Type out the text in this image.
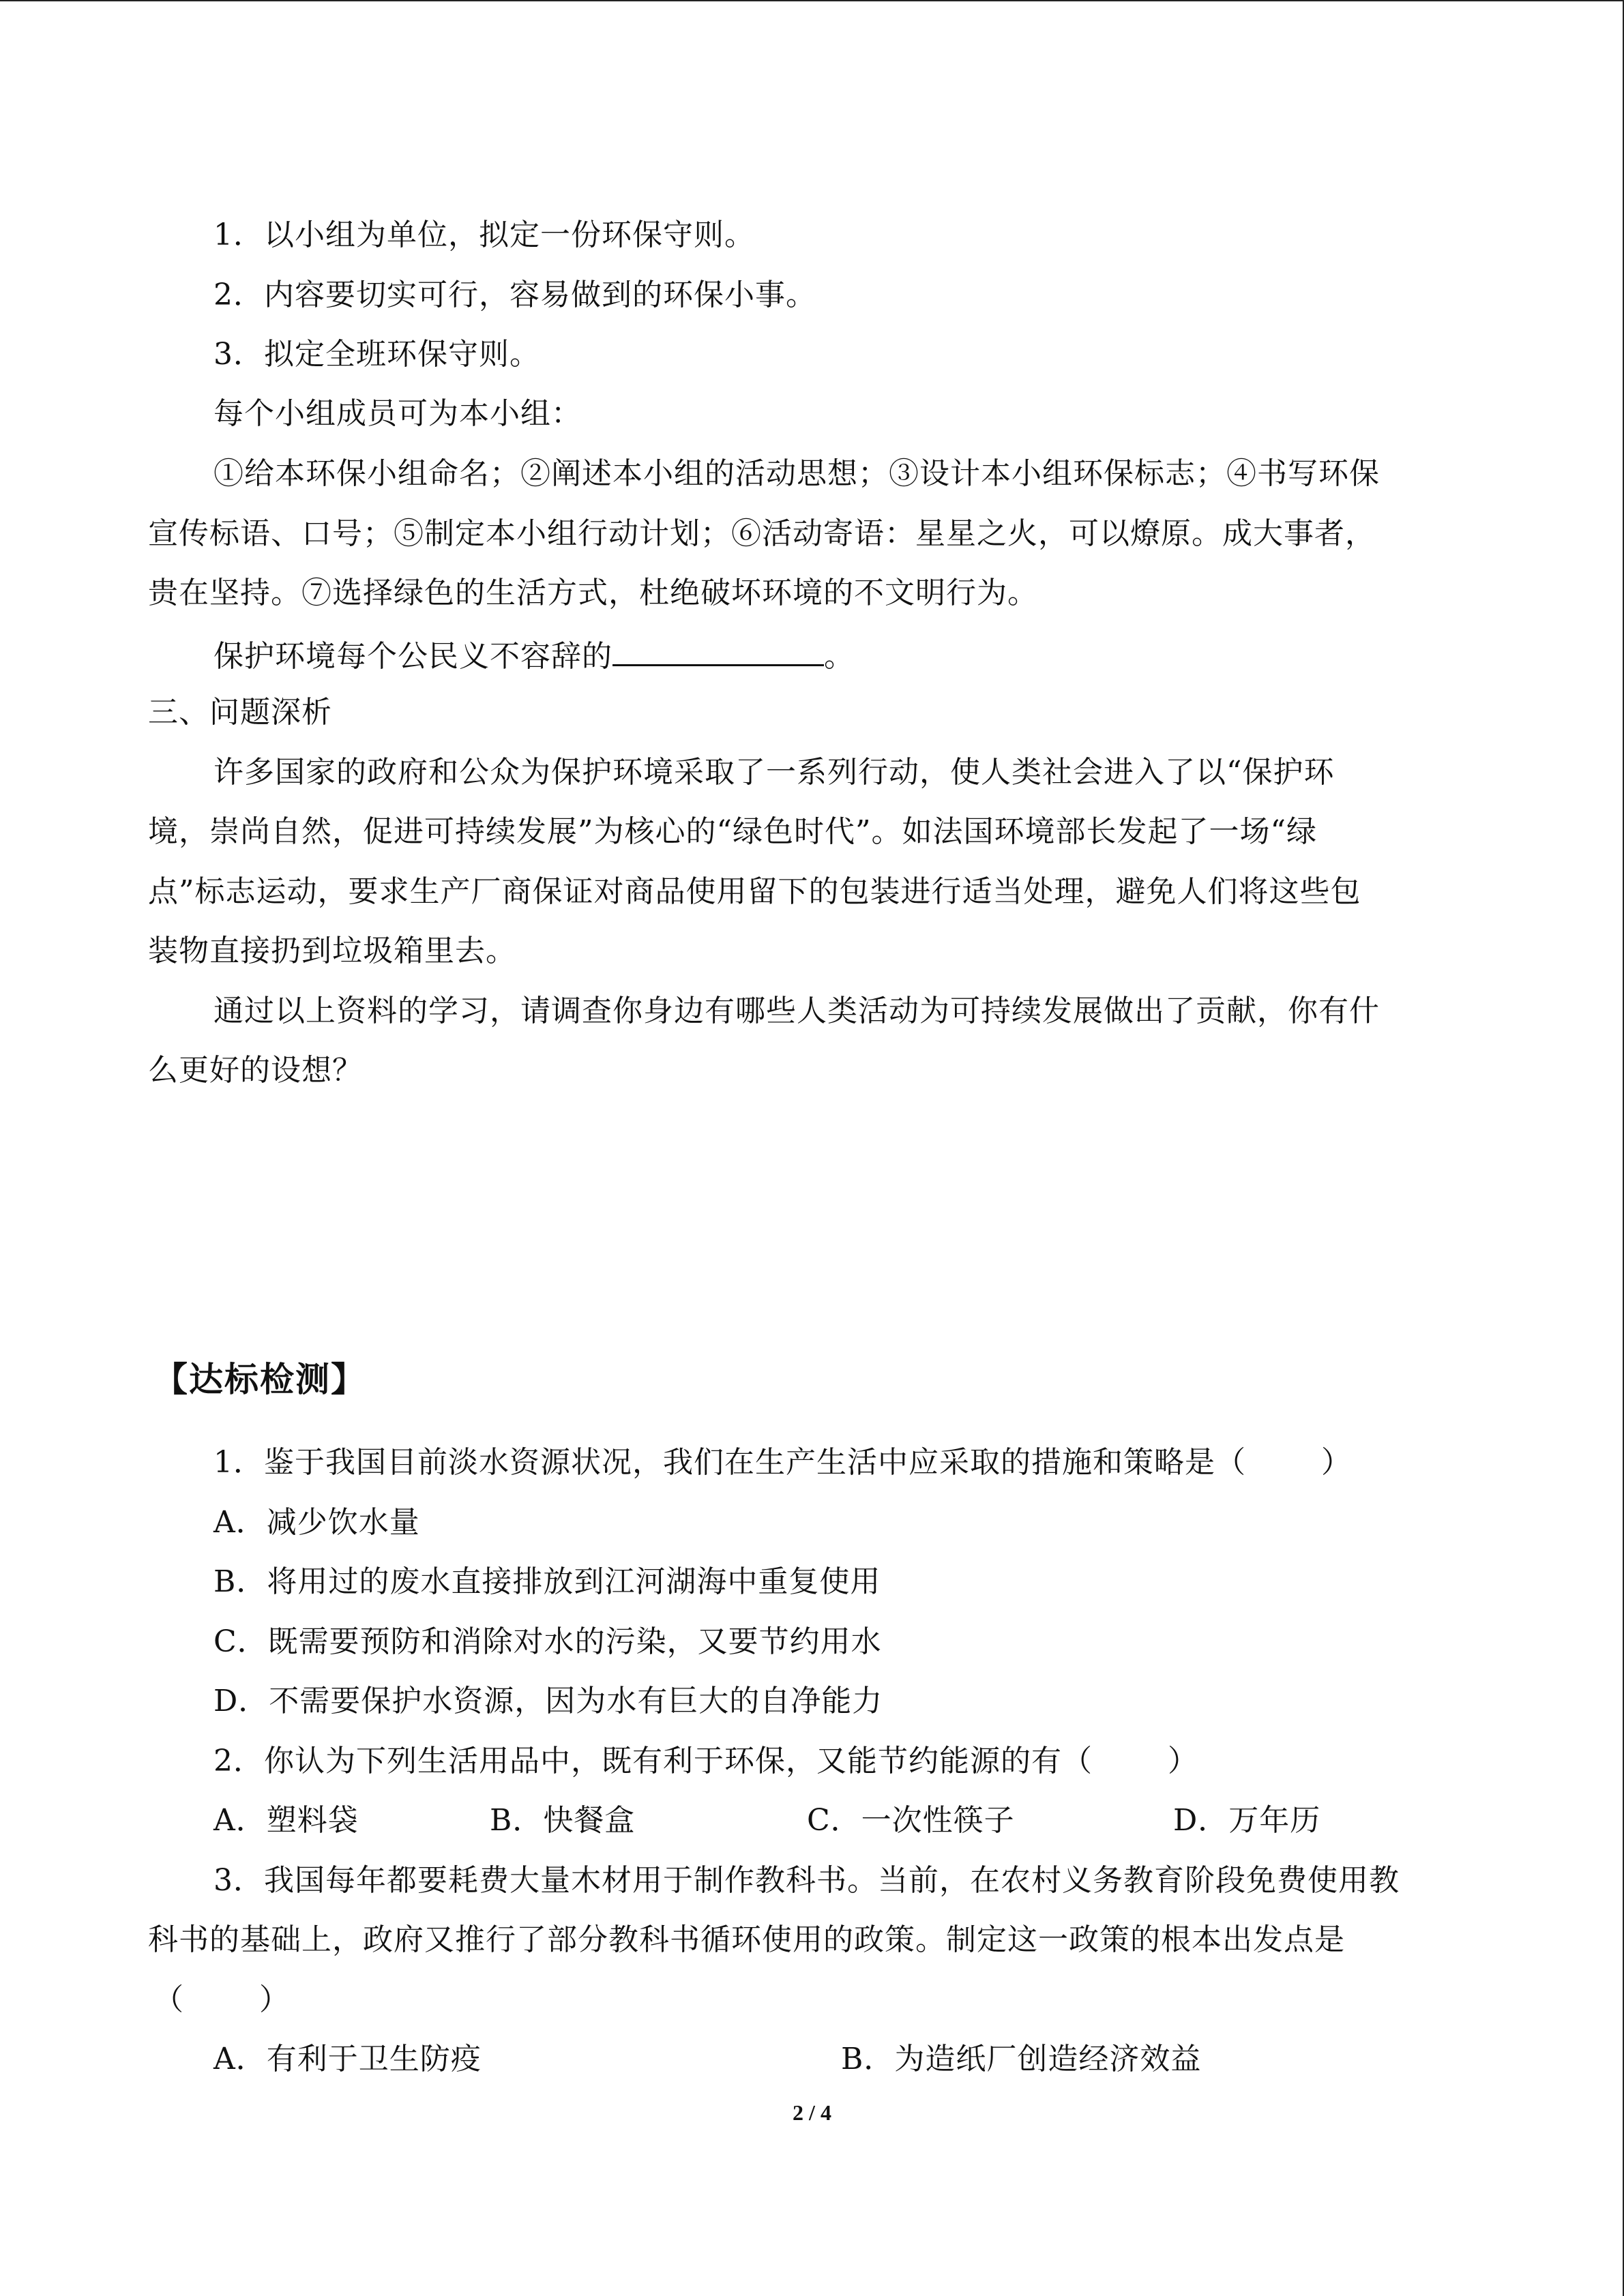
1．以小组为单位，拟定一份环保守则。
2．内容要切实可行，容易做到的环保小事。
3．拟定全班环保守则。
每个小组成员可为本小组：
①给本环保小组命名；②阐述本小组的活动思想；③设计本小组环保标志；④书写环保
宣传标语、口号；⑤制定本小组行动计划；⑥活动寄语：星星之火，可以燎原。成大事者，
贵在坚持。⑦选择绿色的生活方式，杜绝破坏环境的不文明行为。
保护环境每个公民义不容辞的	。
三、问题深析
许多国家的政府和公众为保护环境采取了一系列行动，使人类社会进入了以“保护环
境，崇尚自然，促进可持续发展”为核心的“绿色时代”。如法国环境部长发起了一场“绿
点”标志运动，要求生产厂商保证对商品使用留下的包装进行适当处理，避免人们将这些包
装物直接扔到垃圾箱里去。
通过以上资料的学习，请调查你身边有哪些人类活动为可持续发展做出了贡献，你有什
么更好的设想？
【达标检测】
1．鉴于我国目前淡水资源状况，我们在生产生活中应采取的措施和策略是（	）
A．减少饮水量
B．将用过的废水直接排放到江河湖海中重复使用
C．既需要预防和消除对水的污染，又要节约用水
D．不需要保护水资源，因为水有巨大的自净能力
2．你认为下列生活用品中，既有利于环保，又能节约能源的有（	）
A．塑料袋	B．快餐盒	C．一次性筷子	D．万年历
3．我国每年都要耗费大量木材用于制作教科书。当前，在农村义务教育阶段免费使用教
科书的基础上，政府又推行了部分教科书循环使用的政策。制定这一政策的根本出发点是
（	）
A．有利于卫生防疫	B．为造纸厂创造经济效益
2 / 4
